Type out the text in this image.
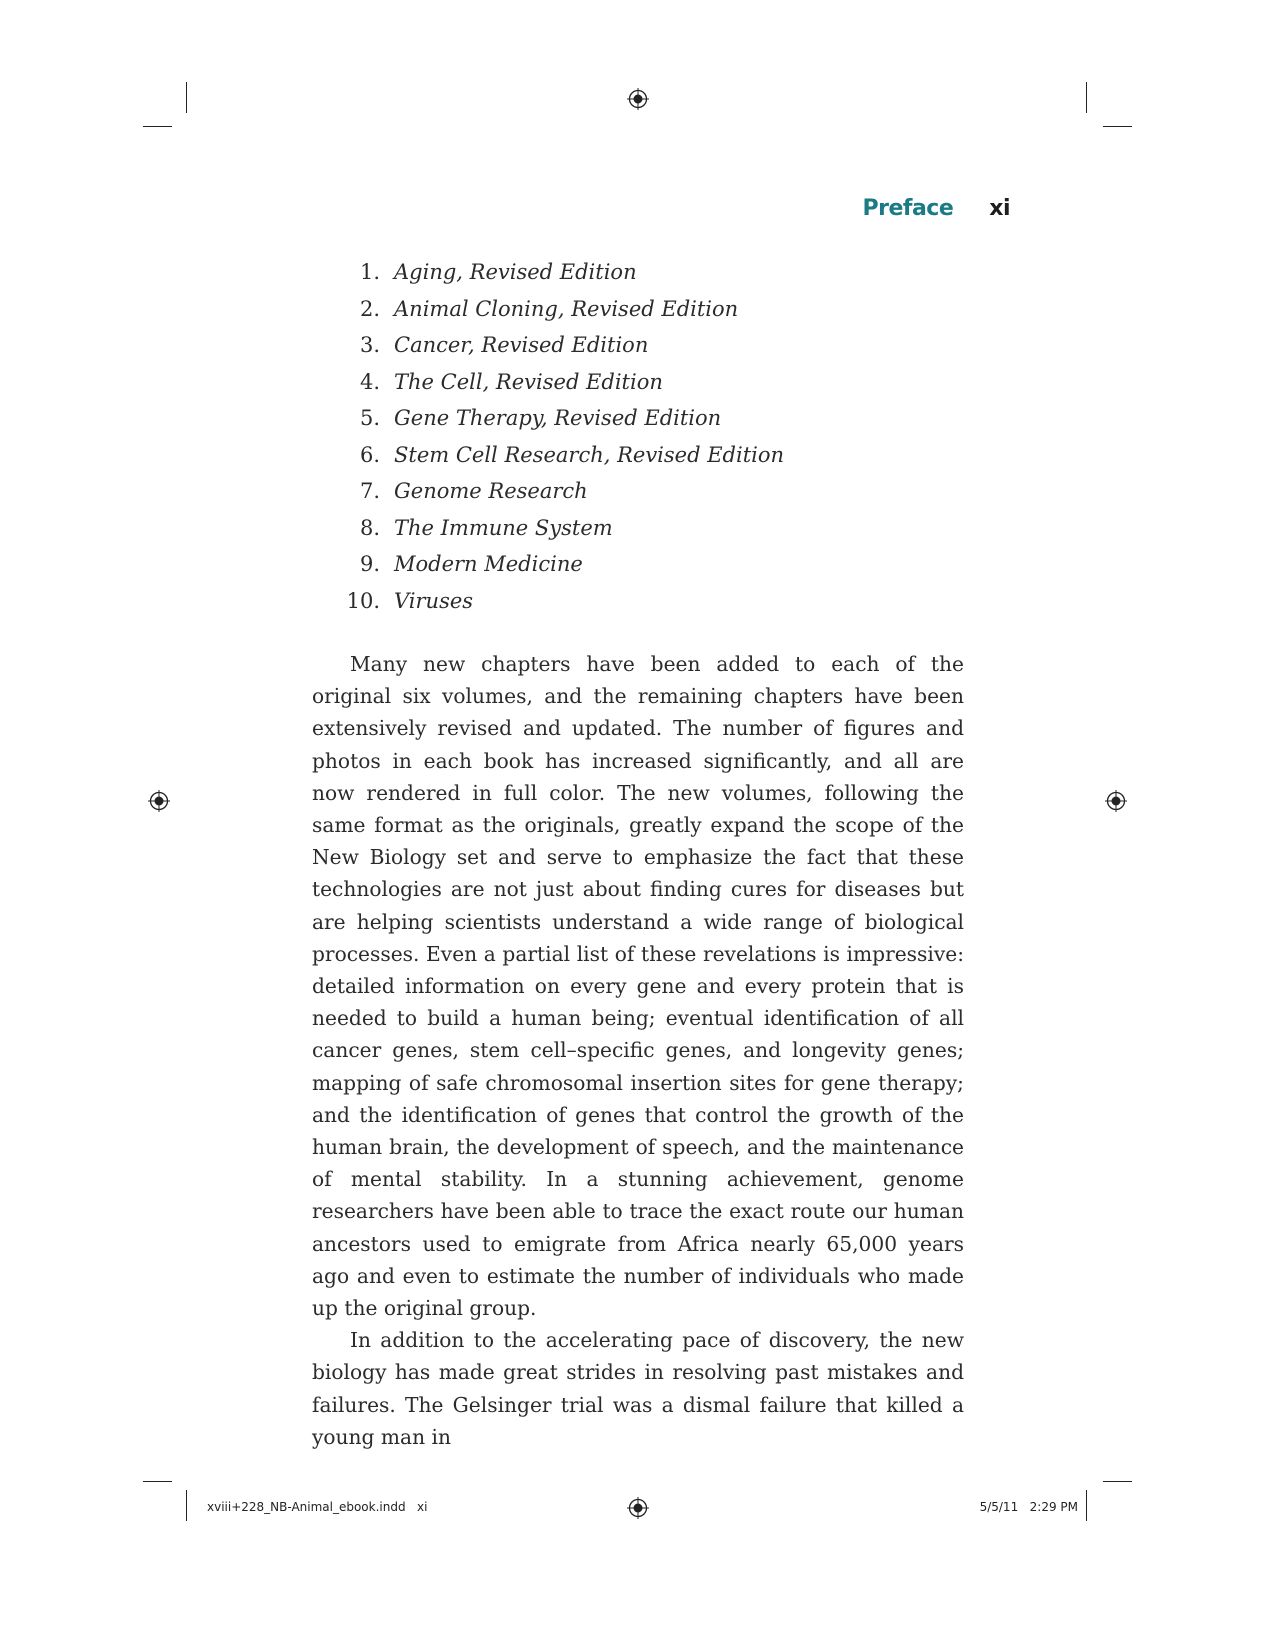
Preface xi
1. Aging, Revised Edition
2. Animal Cloning, Revised Edition
3. Cancer, Revised Edition
4. The Cell, Revised Edition
5. Gene Therapy, Revised Edition
6. Stem Cell Research, Revised Edition
7. Genome Research
8. The Immune System
9. Modern Medicine
10. Viruses

Many new chapters have been added to each of the original six volumes, and the remaining chapters have been extensively revised and updated. The number of figures and photos in each book has increased significantly, and all are now rendered in full color. The new volumes, following the same format as the originals, greatly expand the scope of the New Biology set and serve to emphasize the fact that these technologies are not just about finding cures for diseases but are helping scientists understand a wide range of biological processes. Even a partial list of these revelations is impressive: detailed information on every gene and every protein that is needed to build a human being; eventual identification of all cancer genes, stem cell–specific genes, and longevity genes; mapping of safe chromosomal insertion sites for gene therapy; and the identification of genes that control the growth of the human brain, the development of speech, and the maintenance of mental stability. In a stunning achievement, genome researchers have been able to trace the exact route our human ancestors used to emigrate from Africa nearly 65,000 years ago and even to estimate the number of individuals who made up the original group.

In addition to the accelerating pace of discovery, the new biology has made great strides in resolving past mistakes and failures. The Gelsinger trial was a dismal failure that killed a young man in

xviii+228_NB-Animal_ebook.indd   xi	5/5/11   2:29 PM
